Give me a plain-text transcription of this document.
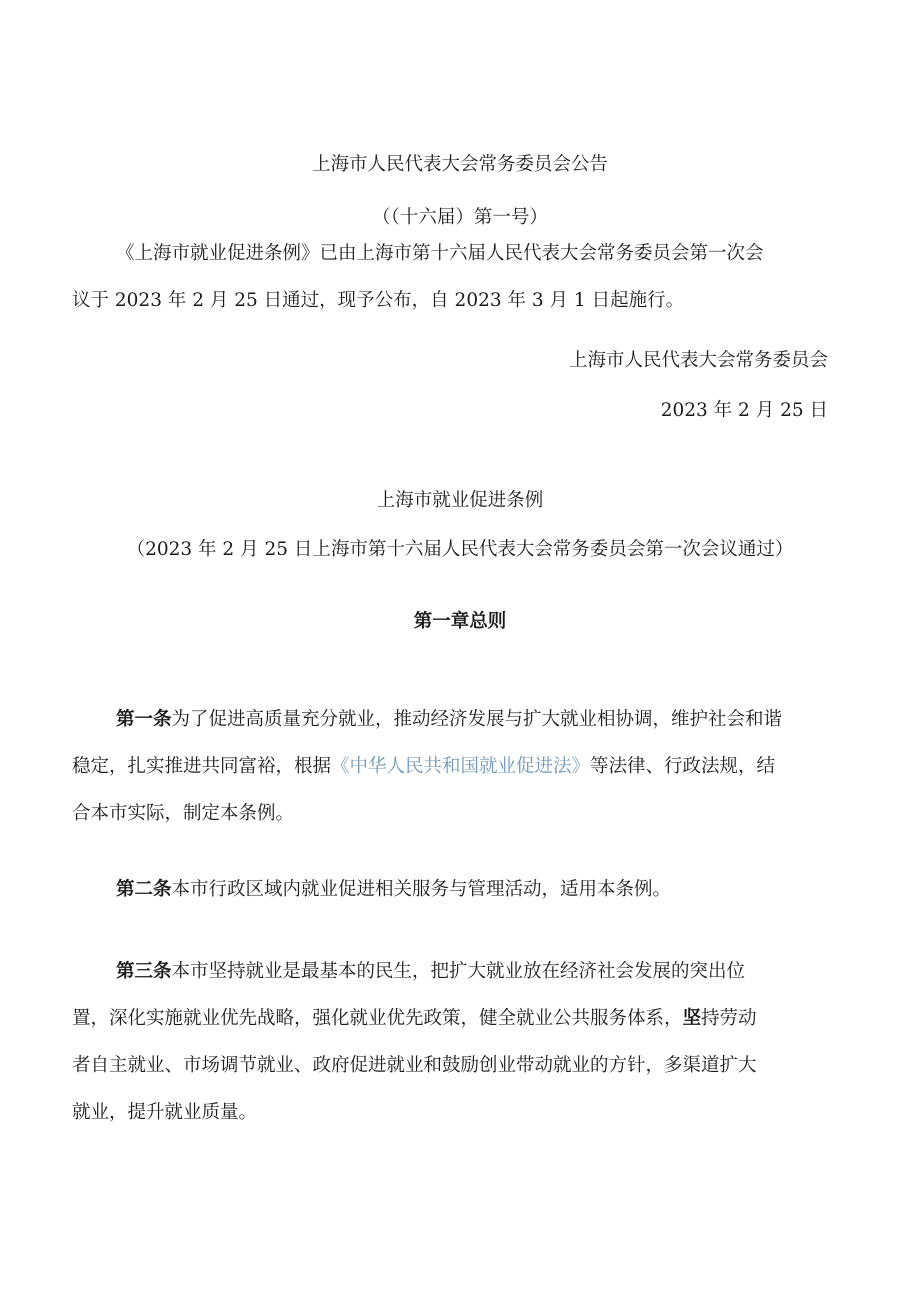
上海市人民代表大会常务委员会公告
（（十六届）第一号）
《上海市就业促进条例》已由上海市第十六届人民代表大会常务委员会第一次会
议于 2023 年 2 月 25 日通过，现予公布，自 2023 年 3 月 1 日起施行。
上海市人民代表大会常务委员会
2023 年 2 月 25 日
上海市就业促进条例
（2023 年 2 月 25 日上海市第十六届人民代表大会常务委员会第一次会议通过）
第一章总则
第一条为了促进高质量充分就业，推动经济发展与扩大就业相协调，维护社会和谐
稳定，扎实推进共同富裕，根据《中华人民共和国就业促进法》等法律、行政法规，结
合本市实际，制定本条例。
第二条本市行政区域内就业促进相关服务与管理活动，适用本条例。
第三条本市坚持就业是最基本的民生，把扩大就业放在经济社会发展的突出位
置，深化实施就业优先战略，强化就业优先政策，健全就业公共服务体系，坚持劳动
者自主就业、市场调节就业、政府促进就业和鼓励创业带动就业的方针，多渠道扩大
就业，提升就业质量。
